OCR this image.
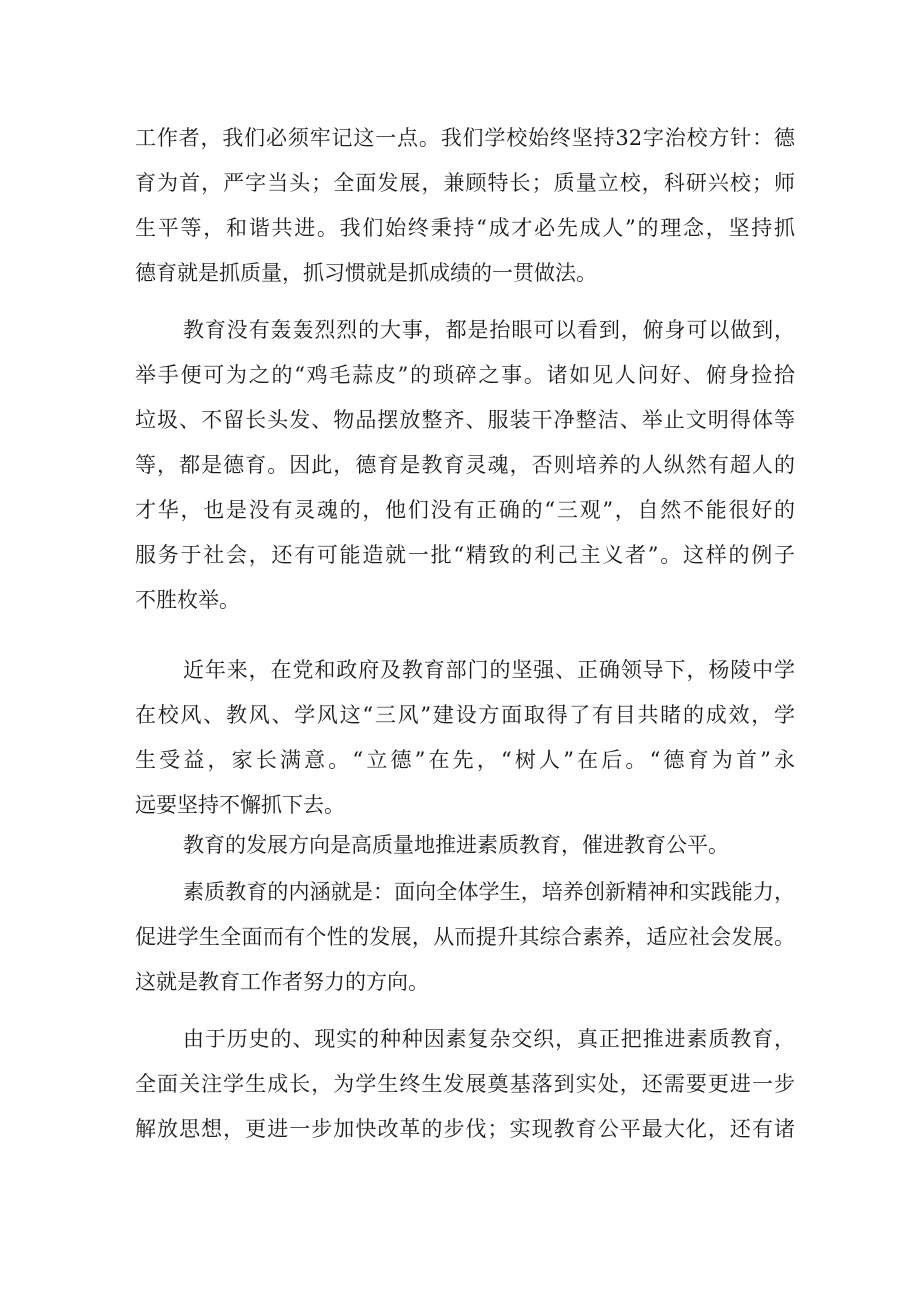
工作者，我们必须牢记这一点。我们学校始终坚持32字治校方针：德
育为首，严字当头；全面发展，兼顾特长；质量立校，科研兴校；师
生平等，和谐共进。我们始终秉持“成才必先成人”的理念，坚持抓
德育就是抓质量，抓习惯就是抓成绩的一贯做法。
教育没有轰轰烈烈的大事，都是抬眼可以看到，俯身可以做到，
举手便可为之的“鸡毛蒜皮”的琐碎之事。诸如见人问好、俯身捡拾
垃圾、不留长头发、物品摆放整齐、服装干净整洁、举止文明得体等
等，都是德育。因此，德育是教育灵魂，否则培养的人纵然有超人的
才华，也是没有灵魂的，他们没有正确的“三观”，自然不能很好的
服务于社会，还有可能造就一批“精致的利己主义者”。这样的例子
不胜枚举。
近年来，在党和政府及教育部门的坚强、正确领导下，杨陵中学
在校风、教风、学风这“三风”建设方面取得了有目共睹的成效，学
生受益，家长满意。“立德”在先，“树人”在后。“德育为首”永
远要坚持不懈抓下去。
教育的发展方向是高质量地推进素质教育，催进教育公平。
素质教育的内涵就是：面向全体学生，培养创新精神和实践能力，
促进学生全面而有个性的发展，从而提升其综合素养，适应社会发展。
这就是教育工作者努力的方向。
由于历史的、现实的种种因素复杂交织，真正把推进素质教育，
全面关注学生成长，为学生终生发展奠基落到实处，还需要更进一步
解放思想，更进一步加快改革的步伐；实现教育公平最大化，还有诸
